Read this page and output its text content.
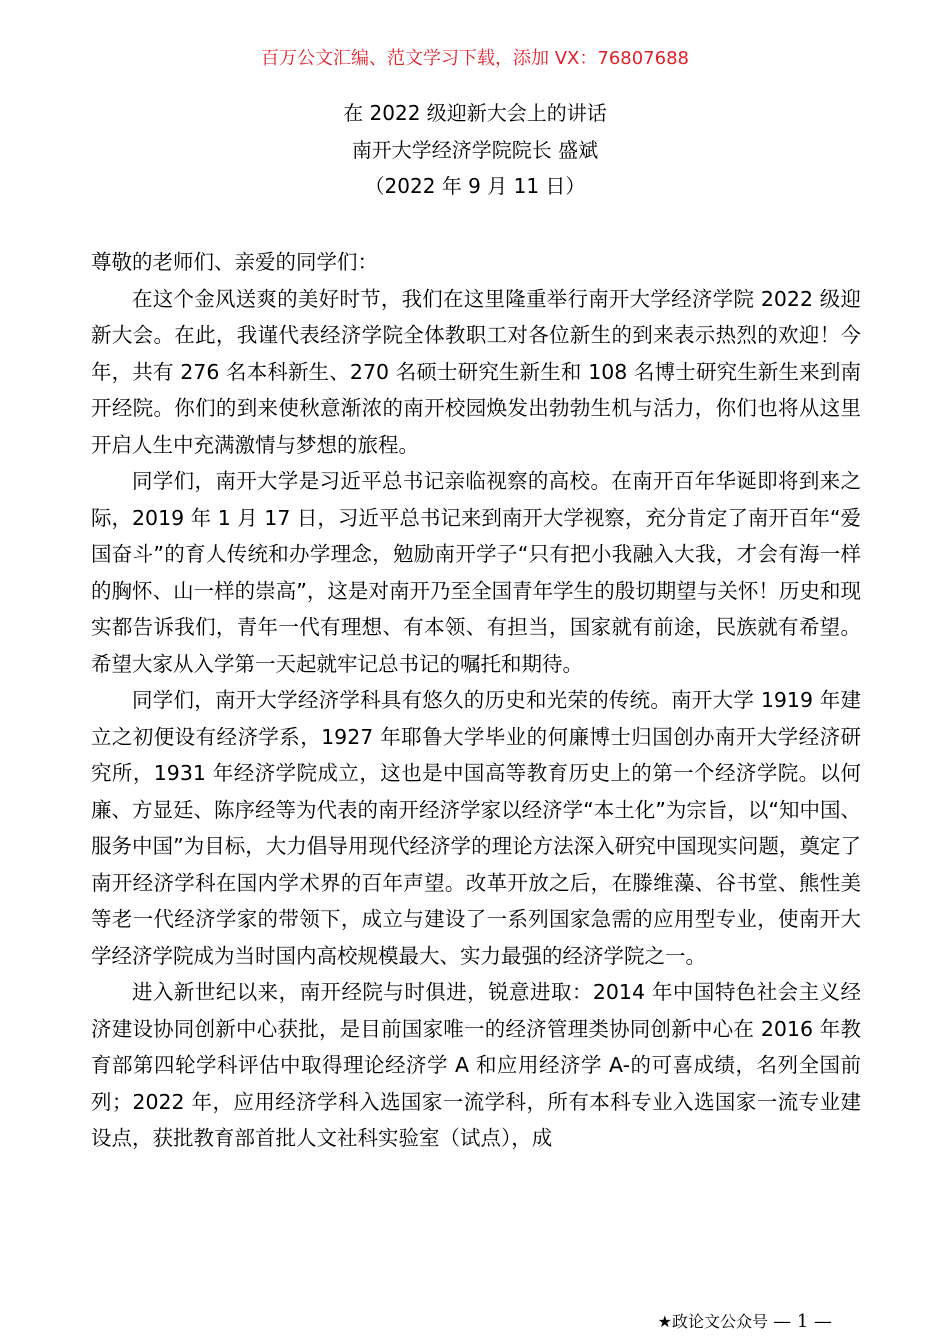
百万公文汇编、范文学习下载，添加 VX：76807688
在 2022 级迎新大会上的讲话
南开大学经济学院院长 盛斌
（2022 年 9 月 11 日）

尊敬的老师们、亲爱的同学们：

在这个金风送爽的美好时节，我们在这里隆重举行南开大学经济学院 2022 级迎新大会。在此，我谨代表经济学院全体教职工对各位新生的到来表示热烈的欢迎！今年，共有 276 名本科新生、270 名硕士研究生新生和 108 名博士研究生新生来到南开经院。你们的到来使秋意渐浓的南开校园焕发出勃勃生机与活力，你们也将从这里开启人生中充满激情与梦想的旅程。

同学们，南开大学是习近平总书记亲临视察的高校。在南开百年华诞即将到来之际，2019 年 1 月 17 日，习近平总书记来到南开大学视察，充分肯定了南开百年“爱国奋斗”的育人传统和办学理念，勉励南开学子“只有把小我融入大我，才会有海一样的胸怀、山一样的崇高”，这是对南开乃至全国青年学生的殷切期望与关怀！历史和现实都告诉我们，青年一代有理想、有本领、有担当，国家就有前途，民族就有希望。希望大家从入学第一天起就牢记总书记的嘱托和期待。

同学们，南开大学经济学科具有悠久的历史和光荣的传统。南开大学 1919 年建立之初便设有经济学系，1927 年耶鲁大学毕业的何廉博士归国创办南开大学经济研究所，1931 年经济学院成立，这也是中国高等教育历史上的第一个经济学院。以何廉、方显廷、陈序经等为代表的南开经济学家以经济学“本土化”为宗旨，以“知中国、服务中国”为目标，大力倡导用现代经济学的理论方法深入研究中国现实问题，奠定了南开经济学科在国内学术界的百年声望。改革开放之后，在滕维藻、谷书堂、熊性美等老一代经济学家的带领下，成立与建设了一系列国家急需的应用型专业，使南开大学经济学院成为当时国内高校规模最大、实力最强的经济学院之一。

进入新世纪以来，南开经院与时俱进，锐意进取：2014 年中国特色社会主义经济建设协同创新中心获批，是目前国家唯一的经济管理类协同创新中心在 2016 年教育部第四轮学科评估中取得理论经济学 A 和应用经济学 A-的可喜成绩，名列全国前列；2022 年，应用经济学科入选国家一流学科，所有本科专业入选国家一流专业建设点，获批教育部首批人文社科实验室（试点），成

★政论文公众号 — 1 —
